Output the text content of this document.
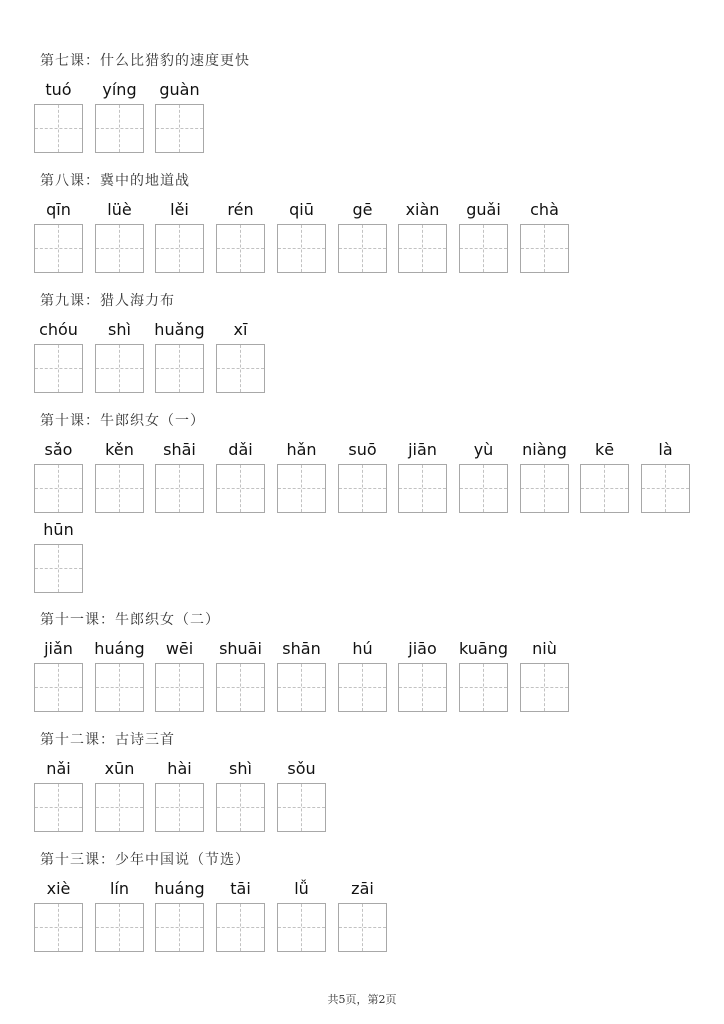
第七课：什么比猎豹的速度更快
tuó	yíng	guàn
第八课：冀中的地道战
qīn	lüè	lěi	rén	qiū	gē	xiàn	guǎi	chà
第九课：猎人海力布
chóu	shì	huǎng	xī
第十课：牛郎织女（一）
sǎo	kěn	shāi	dǎi	hǎn	suō	jiān	yù	niàng	kē	là
hūn
第十一课：牛郎织女（二）
jiǎn	huáng	wēi	shuāi	shān	hú	jiāo	kuāng	niù
第十二课：古诗三首
nǎi	xūn	hài	shì	sǒu
第十三课：少年中国说（节选）
xiè	lín	huáng	tāi	lǚ	zāi
共5页，第2页
